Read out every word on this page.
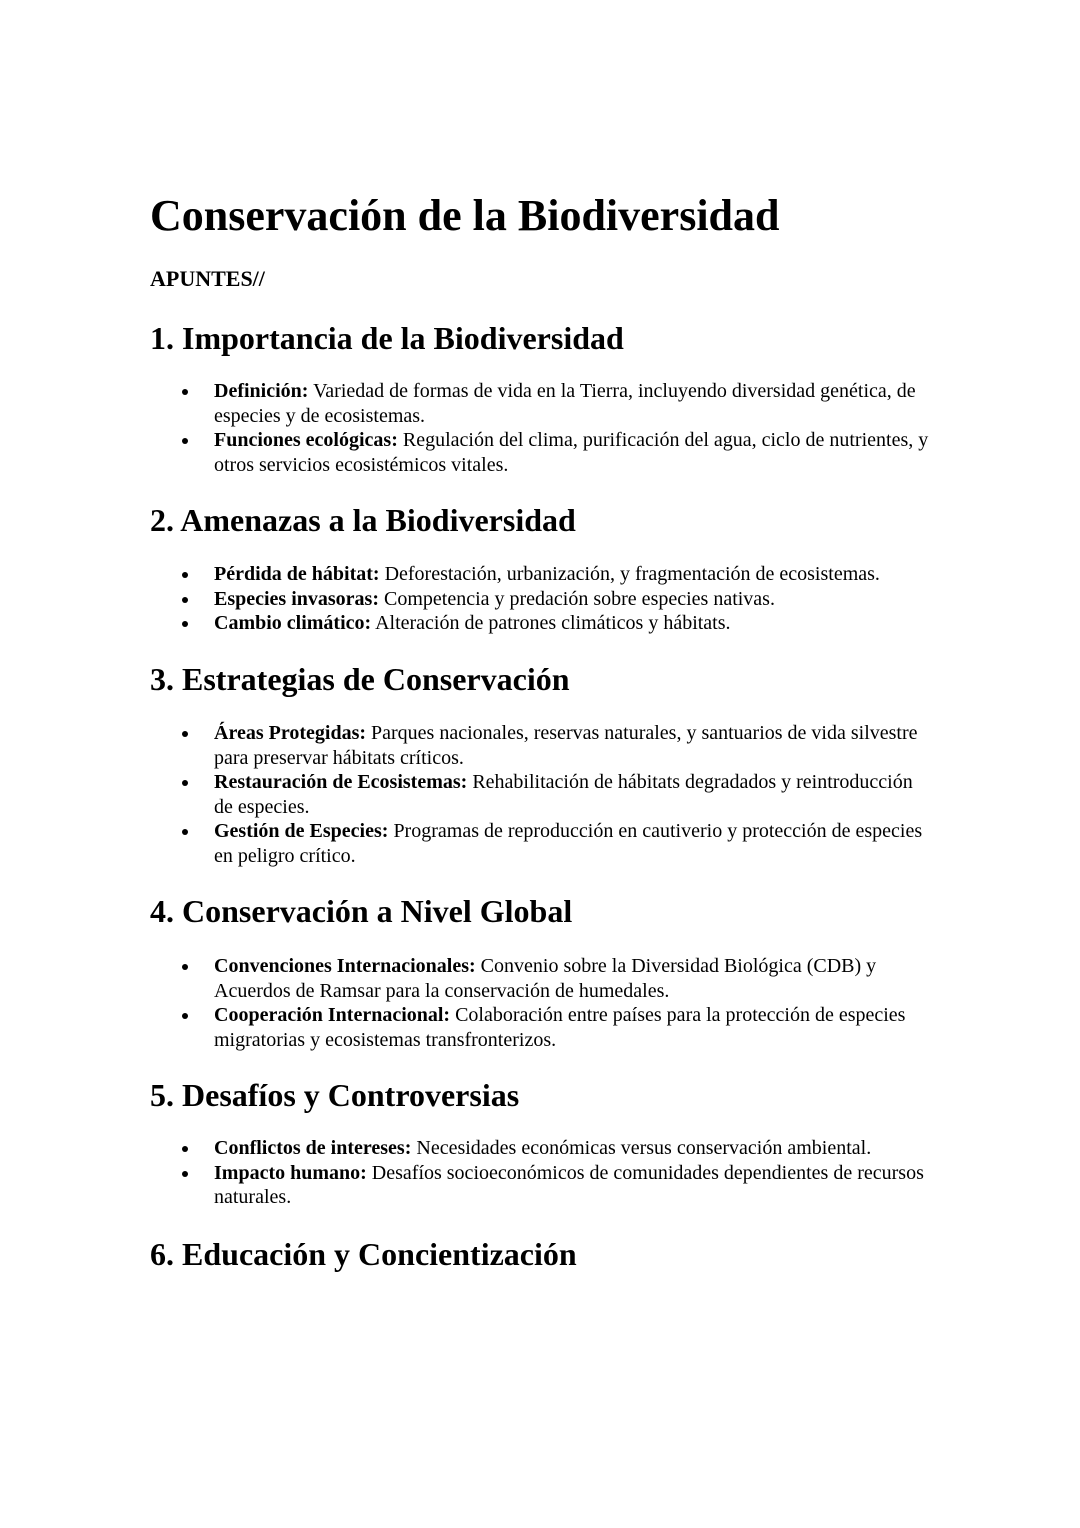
Conservación de la Biodiversidad
APUNTES//
1. Importancia de la Biodiversidad
Definición: Variedad de formas de vida en la Tierra, incluyendo diversidad genética, de especies y de ecosistemas.
Funciones ecológicas: Regulación del clima, purificación del agua, ciclo de nutrientes, y otros servicios ecosistémicos vitales.
2. Amenazas a la Biodiversidad
Pérdida de hábitat: Deforestación, urbanización, y fragmentación de ecosistemas.
Especies invasoras: Competencia y predación sobre especies nativas.
Cambio climático: Alteración de patrones climáticos y hábitats.
3. Estrategias de Conservación
Áreas Protegidas: Parques nacionales, reservas naturales, y santuarios de vida silvestre para preservar hábitats críticos.
Restauración de Ecosistemas: Rehabilitación de hábitats degradados y reintroducción de especies.
Gestión de Especies: Programas de reproducción en cautiverio y protección de especies en peligro crítico.
4. Conservación a Nivel Global
Convenciones Internacionales: Convenio sobre la Diversidad Biológica (CDB) y Acuerdos de Ramsar para la conservación de humedales.
Cooperación Internacional: Colaboración entre países para la protección de especies migratorias y ecosistemas transfronterizos.
5. Desafíos y Controversias
Conflictos de intereses: Necesidades económicas versus conservación ambiental.
Impacto humano: Desafíos socioeconómicos de comunidades dependientes de recursos naturales.
6. Educación y Concientización
